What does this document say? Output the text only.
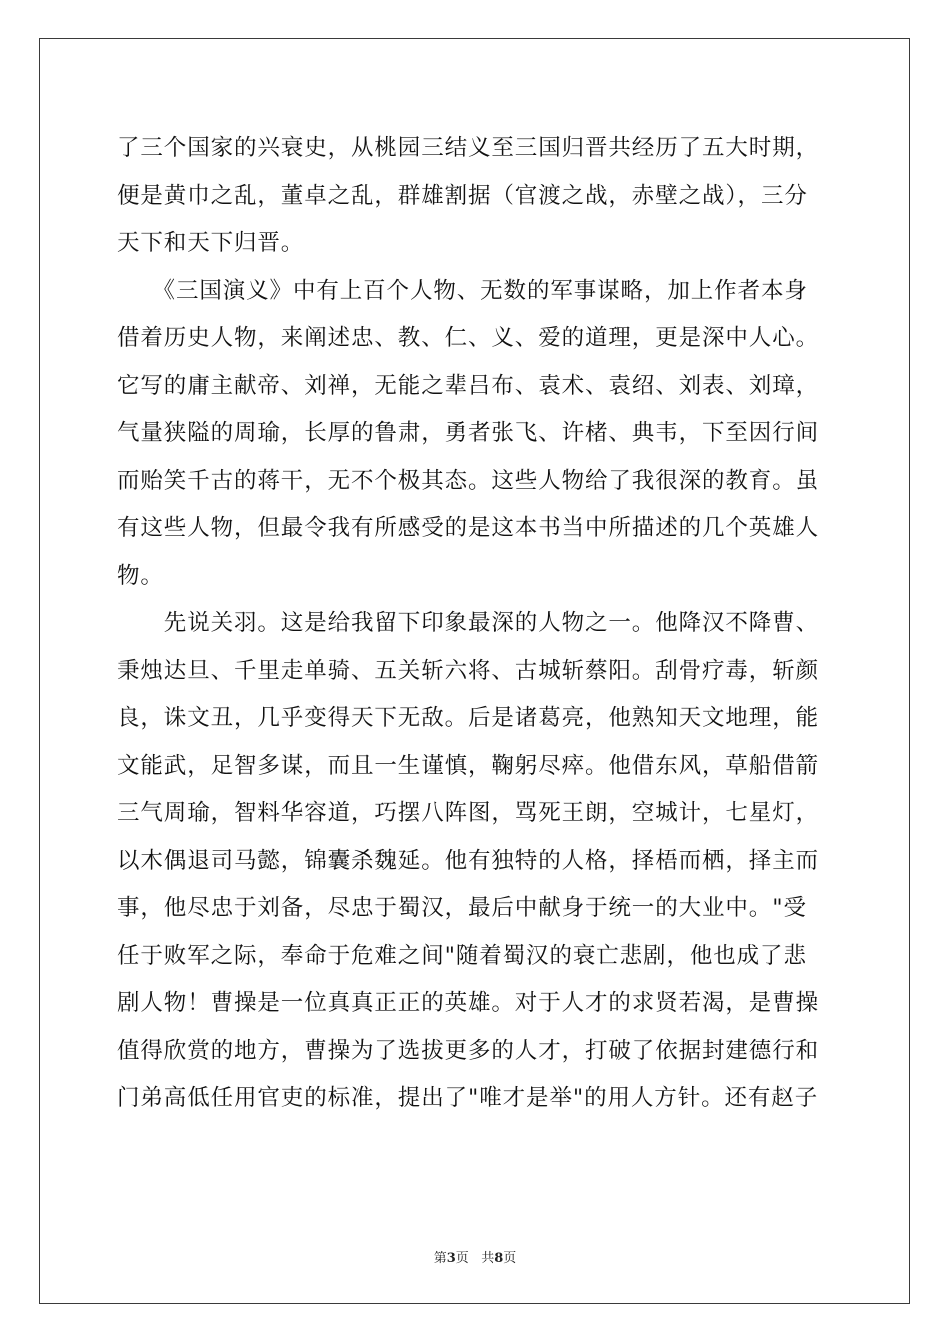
了三个国家的兴衰史，从桃园三结义至三国归晋共经历了五大时期，
便是黄巾之乱，董卓之乱，群雄割据（官渡之战，赤壁之战），三分
天下和天下归晋。
　　《三国演义》中有上百个人物、无数的军事谋略，加上作者本身
借着历史人物，来阐述忠、教、仁、义、爱的道理，更是深中人心。
它写的庸主献帝、刘禅，无能之辈吕布、袁术、袁绍、刘表、刘璋，
气量狭隘的周瑜，长厚的鲁肃，勇者张飞、许楮、典韦，下至因行间
而贻笑千古的蒋干，无不个极其态。这些人物给了我很深的教育。虽
有这些人物，但最令我有所感受的是这本书当中所描述的几个英雄人
物。
　　先说关羽。这是给我留下印象最深的人物之一。他降汉不降曹、
秉烛达旦、千里走单骑、五关斩六将、古城斩蔡阳。刮骨疗毒，斩颜
良，诛文丑，几乎变得天下无敌。后是诸葛亮，他熟知天文地理，能
文能武，足智多谋，而且一生谨慎，鞠躬尽瘁。他借东风，草船借箭
三气周瑜，智料华容道，巧摆八阵图，骂死王朗，空城计，七星灯，
以木偶退司马懿，锦囊杀魏延。他有独特的人格，择梧而栖，择主而
事，他尽忠于刘备，尽忠于蜀汉，最后中献身于统一的大业中。"受
任于败军之际，奉命于危难之间"随着蜀汉的衰亡悲剧，他也成了悲
剧人物！曹操是一位真真正正的英雄。对于人才的求贤若渴，是曹操
值得欣赏的地方，曹操为了选拔更多的人才，打破了依据封建德行和
门弟高低任用官吏的标准，提出了"唯才是举"的用人方针。还有赵子
第3页   共8页
